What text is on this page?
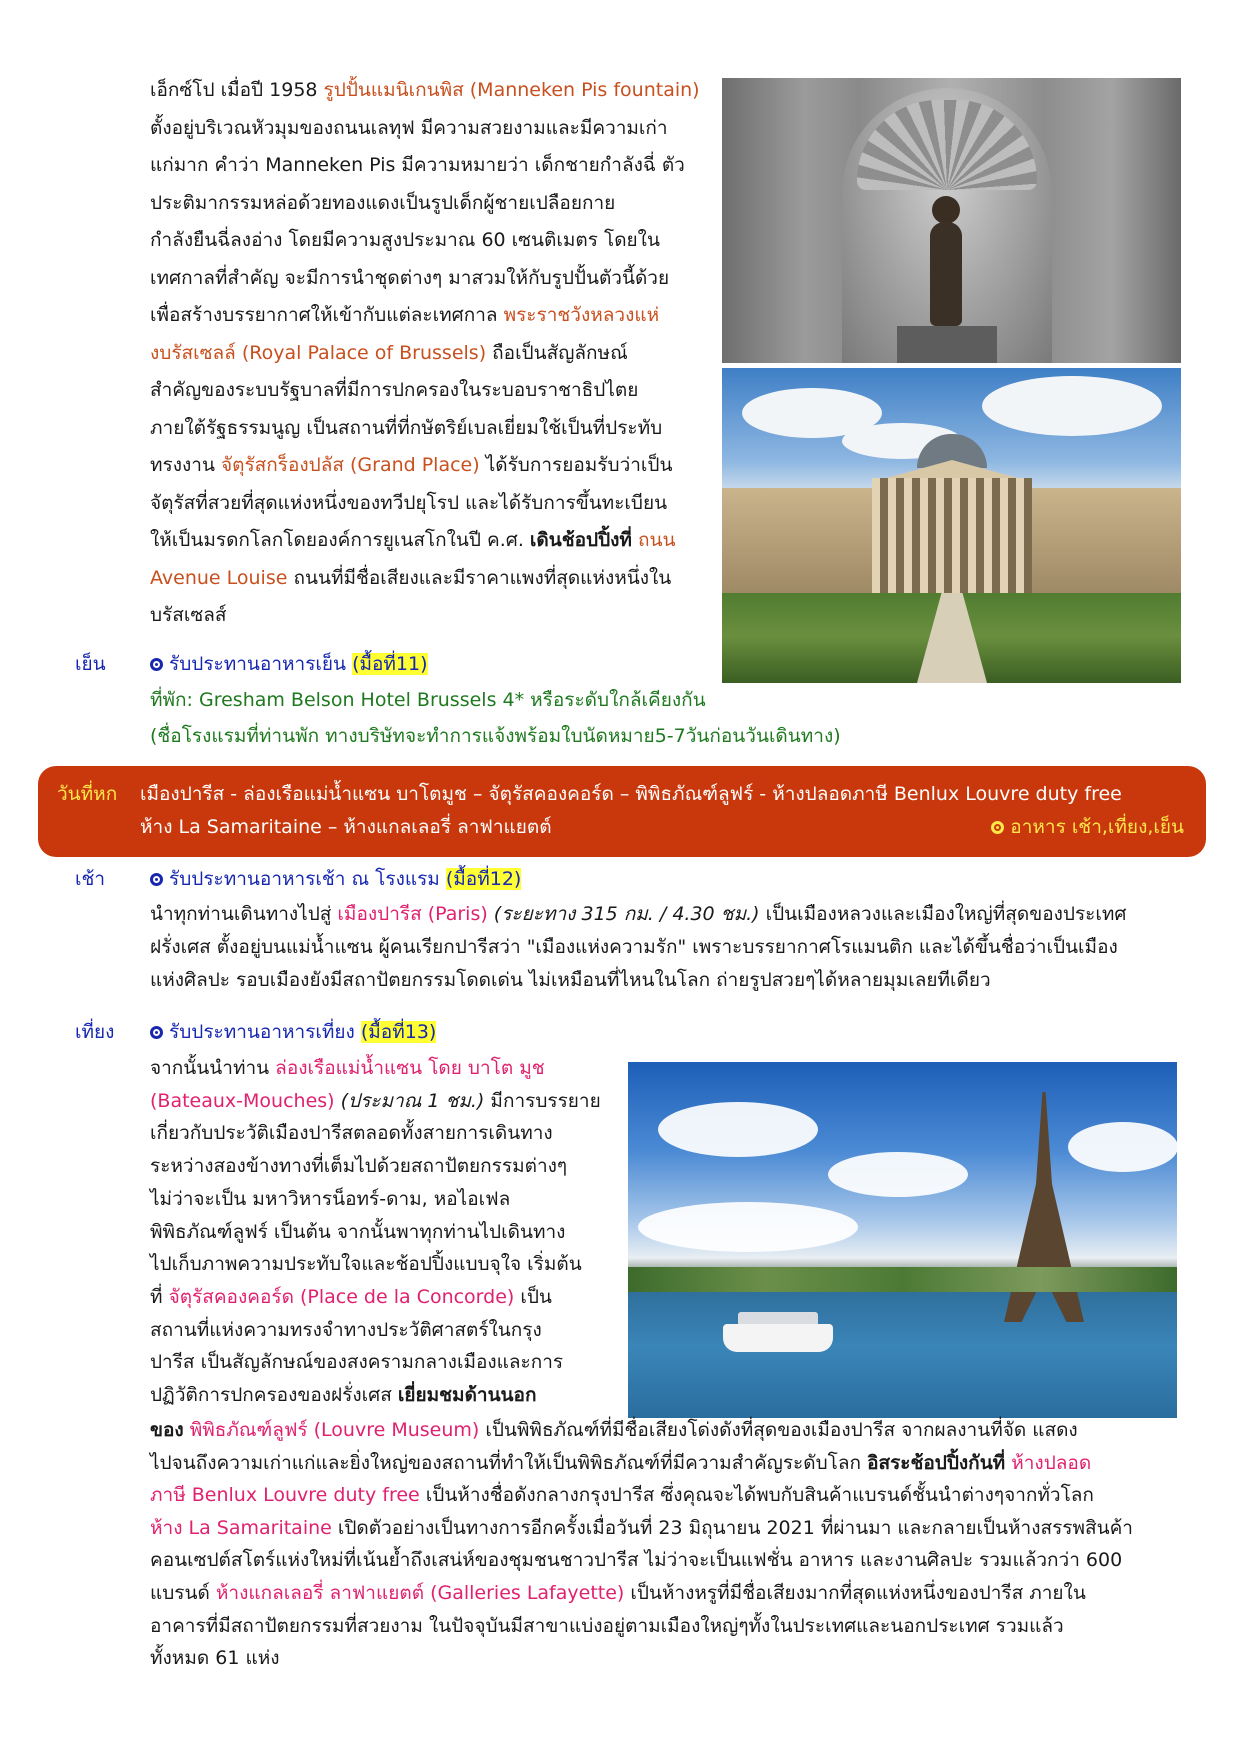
เอ็กซ์โป เมื่อปี 1958 รูปปั้นแมนิเกนพิส (Manneken Pis fountain)
ตั้งอยู่บริเวณหัวมุมของถนนเลทุฟ มีความสวยงามและมีความเก่า
แก่มาก คำว่า Manneken Pis มีความหมายว่า เด็กชายกำลังฉี่ ตัว
ประติมากรรมหล่อด้วยทองแดงเป็นรูปเด็กผู้ชายเปลือยกาย
กำลังยืนฉี่ลงอ่าง โดยมีความสูงประมาณ 60 เซนติเมตร โดยใน
เทศกาลที่สำคัญ จะมีการนำชุดต่างๆ มาสวมให้กับรูปปั้นตัวนี้ด้วย
เพื่อสร้างบรรยากาศให้เข้ากับแต่ละเทศกาล พระราชวังหลวงแห่
งบรัสเซลล์ (Royal Palace of Brussels) ถือเป็นสัญลักษณ์
สำคัญของระบบรัฐบาลที่มีการปกครองในระบอบราชาธิปไตย
ภายใต้รัฐธรรมนูญ เป็นสถานที่ที่กษัตริย์เบลเยี่ยมใช้เป็นที่ประทับ
ทรงงาน จัตุรัสกร็องปลัส (Grand Place) ได้รับการยอมรับว่าเป็น
จัตุรัสที่สวยที่สุดแห่งหนึ่งของทวีปยุโรป และได้รับการขึ้นทะเบียน
ให้เป็นมรดกโลกโดยองค์การยูเนสโกในปี ค.ศ. เดินช้อปปิ้งที่ ถนน
Avenue Louise ถนนที่มีชื่อเสียงและมีราคาแพงที่สุดแห่งหนึ่งใน
บรัสเซลส์
เย็น	รับประทานอาหารเย็น (มื้อที่11)
ที่พัก: Gresham Belson Hotel Brussels 4* หรือระดับใกล้เคียงกัน
(ชื่อโรงแรมที่ท่านพัก ทางบริษัทจะทำการแจ้งพร้อมใบนัดหมาย5-7วันก่อนวันเดินทาง)
วันที่หก เมืองปารีส - ล่องเรือแม่น้ำแซน บาโตมูช – จัตุรัสคองคอร์ด – พิพิธภัณฑ์ลูฟร์ - ห้างปลอดภาษี Benlux Louvre duty free
ห้าง La Samaritaine – ห้างแกลเลอรี่ ลาฟาแยตต์	อาหาร เช้า,เที่ยง,เย็น
เช้า	รับประทานอาหารเช้า ณ โรงแรม (มื้อที่12)
นำทุกท่านเดินทางไปสู่ เมืองปารีส (Paris) (ระยะทาง 315 กม. / 4.30 ชม.) เป็นเมืองหลวงและเมืองใหญ่ที่สุดของประเทศ
ฝรั่งเศส ตั้งอยู่บนแม่น้ำแซน ผู้คนเรียกปารีสว่า "เมืองแห่งความรัก" เพราะบรรยากาศโรแมนติก และได้ขึ้นชื่อว่าเป็นเมือง
แห่งศิลปะ รอบเมืองยังมีสถาปัตยกรรมโดดเด่น ไม่เหมือนที่ไหนในโลก ถ่ายรูปสวยๆได้หลายมุมเลยทีเดียว
เที่ยง	รับประทานอาหารเที่ยง (มื้อที่13)
จากนั้นนำท่าน ล่องเรือแม่น้ำแซน โดย บาโต มูช
(Bateaux-Mouches) (ประมาณ 1 ชม.) มีการบรรยาย
เกี่ยวกับประวัติเมืองปารีสตลอดทั้งสายการเดินทาง
ระหว่างสองข้างทางที่เต็มไปด้วยสถาปัตยกรรมต่างๆ
ไม่ว่าจะเป็น มหาวิหารน็อทร์-ดาม, หอไอเฟล
พิพิธภัณฑ์ลูฟร์ เป็นต้น จากนั้นพาทุกท่านไปเดินทาง
ไปเก็บภาพความประทับใจและช้อปปิ้งแบบจุใจ เริ่มต้น
ที่ จัตุรัสคองคอร์ด (Place de la Concorde) เป็น
สถานที่แห่งความทรงจำทางประวัติศาสตร์ในกรุง
ปารีส เป็นสัญลักษณ์ของสงครามกลางเมืองและการ
ปฏิวัติการปกครองของฝรั่งเศส เยี่ยมชมด้านนอก
ของ พิพิธภัณฑ์ลูฟร์ (Louvre Museum) เป็นพิพิธภัณฑ์ที่มีชื่อเสียงโด่งดังที่สุดของเมืองปารีส จากผลงานที่จัด แสดง
ไปจนถึงความเก่าแก่และยิ่งใหญ่ของสถานที่ทำให้เป็นพิพิธภัณฑ์ที่มีความสำคัญระดับโลก อิสระช้อปปิ้งกันที่ ห้างปลอด
ภาษี Benlux Louvre duty free เป็นห้างชื่อดังกลางกรุงปารีส ซึ่งคุณจะได้พบกับสินค้าแบรนด์ชั้นนำต่างๆจากทั่วโลก
ห้าง La Samaritaine เปิดตัวอย่างเป็นทางการอีกครั้งเมื่อวันที่ 23 มิถุนายน 2021 ที่ผ่านมา และกลายเป็นห้างสรรพสินค้า
คอนเซปต์สโตร์แห่งใหม่ที่เน้นย้ำถึงเสน่ห์ของชุมชนชาวปารีส ไม่ว่าจะเป็นแฟชั่น อาหาร และงานศิลปะ รวมแล้วกว่า 600
แบรนด์ ห้างแกลเลอรี่ ลาฟาแยตต์ (Galleries Lafayette) เป็นห้างหรูที่มีชื่อเสียงมากที่สุดแห่งหนึ่งของปารีส ภายใน
อาคารที่มีสถาปัตยกรรมที่สวยงาม ในปัจจุบันมีสาขาแบ่งอยู่ตามเมืองใหญ่ๆทั้งในประเทศและนอกประเทศ รวมแล้ว
ทั้งหมด 61 แห่ง
